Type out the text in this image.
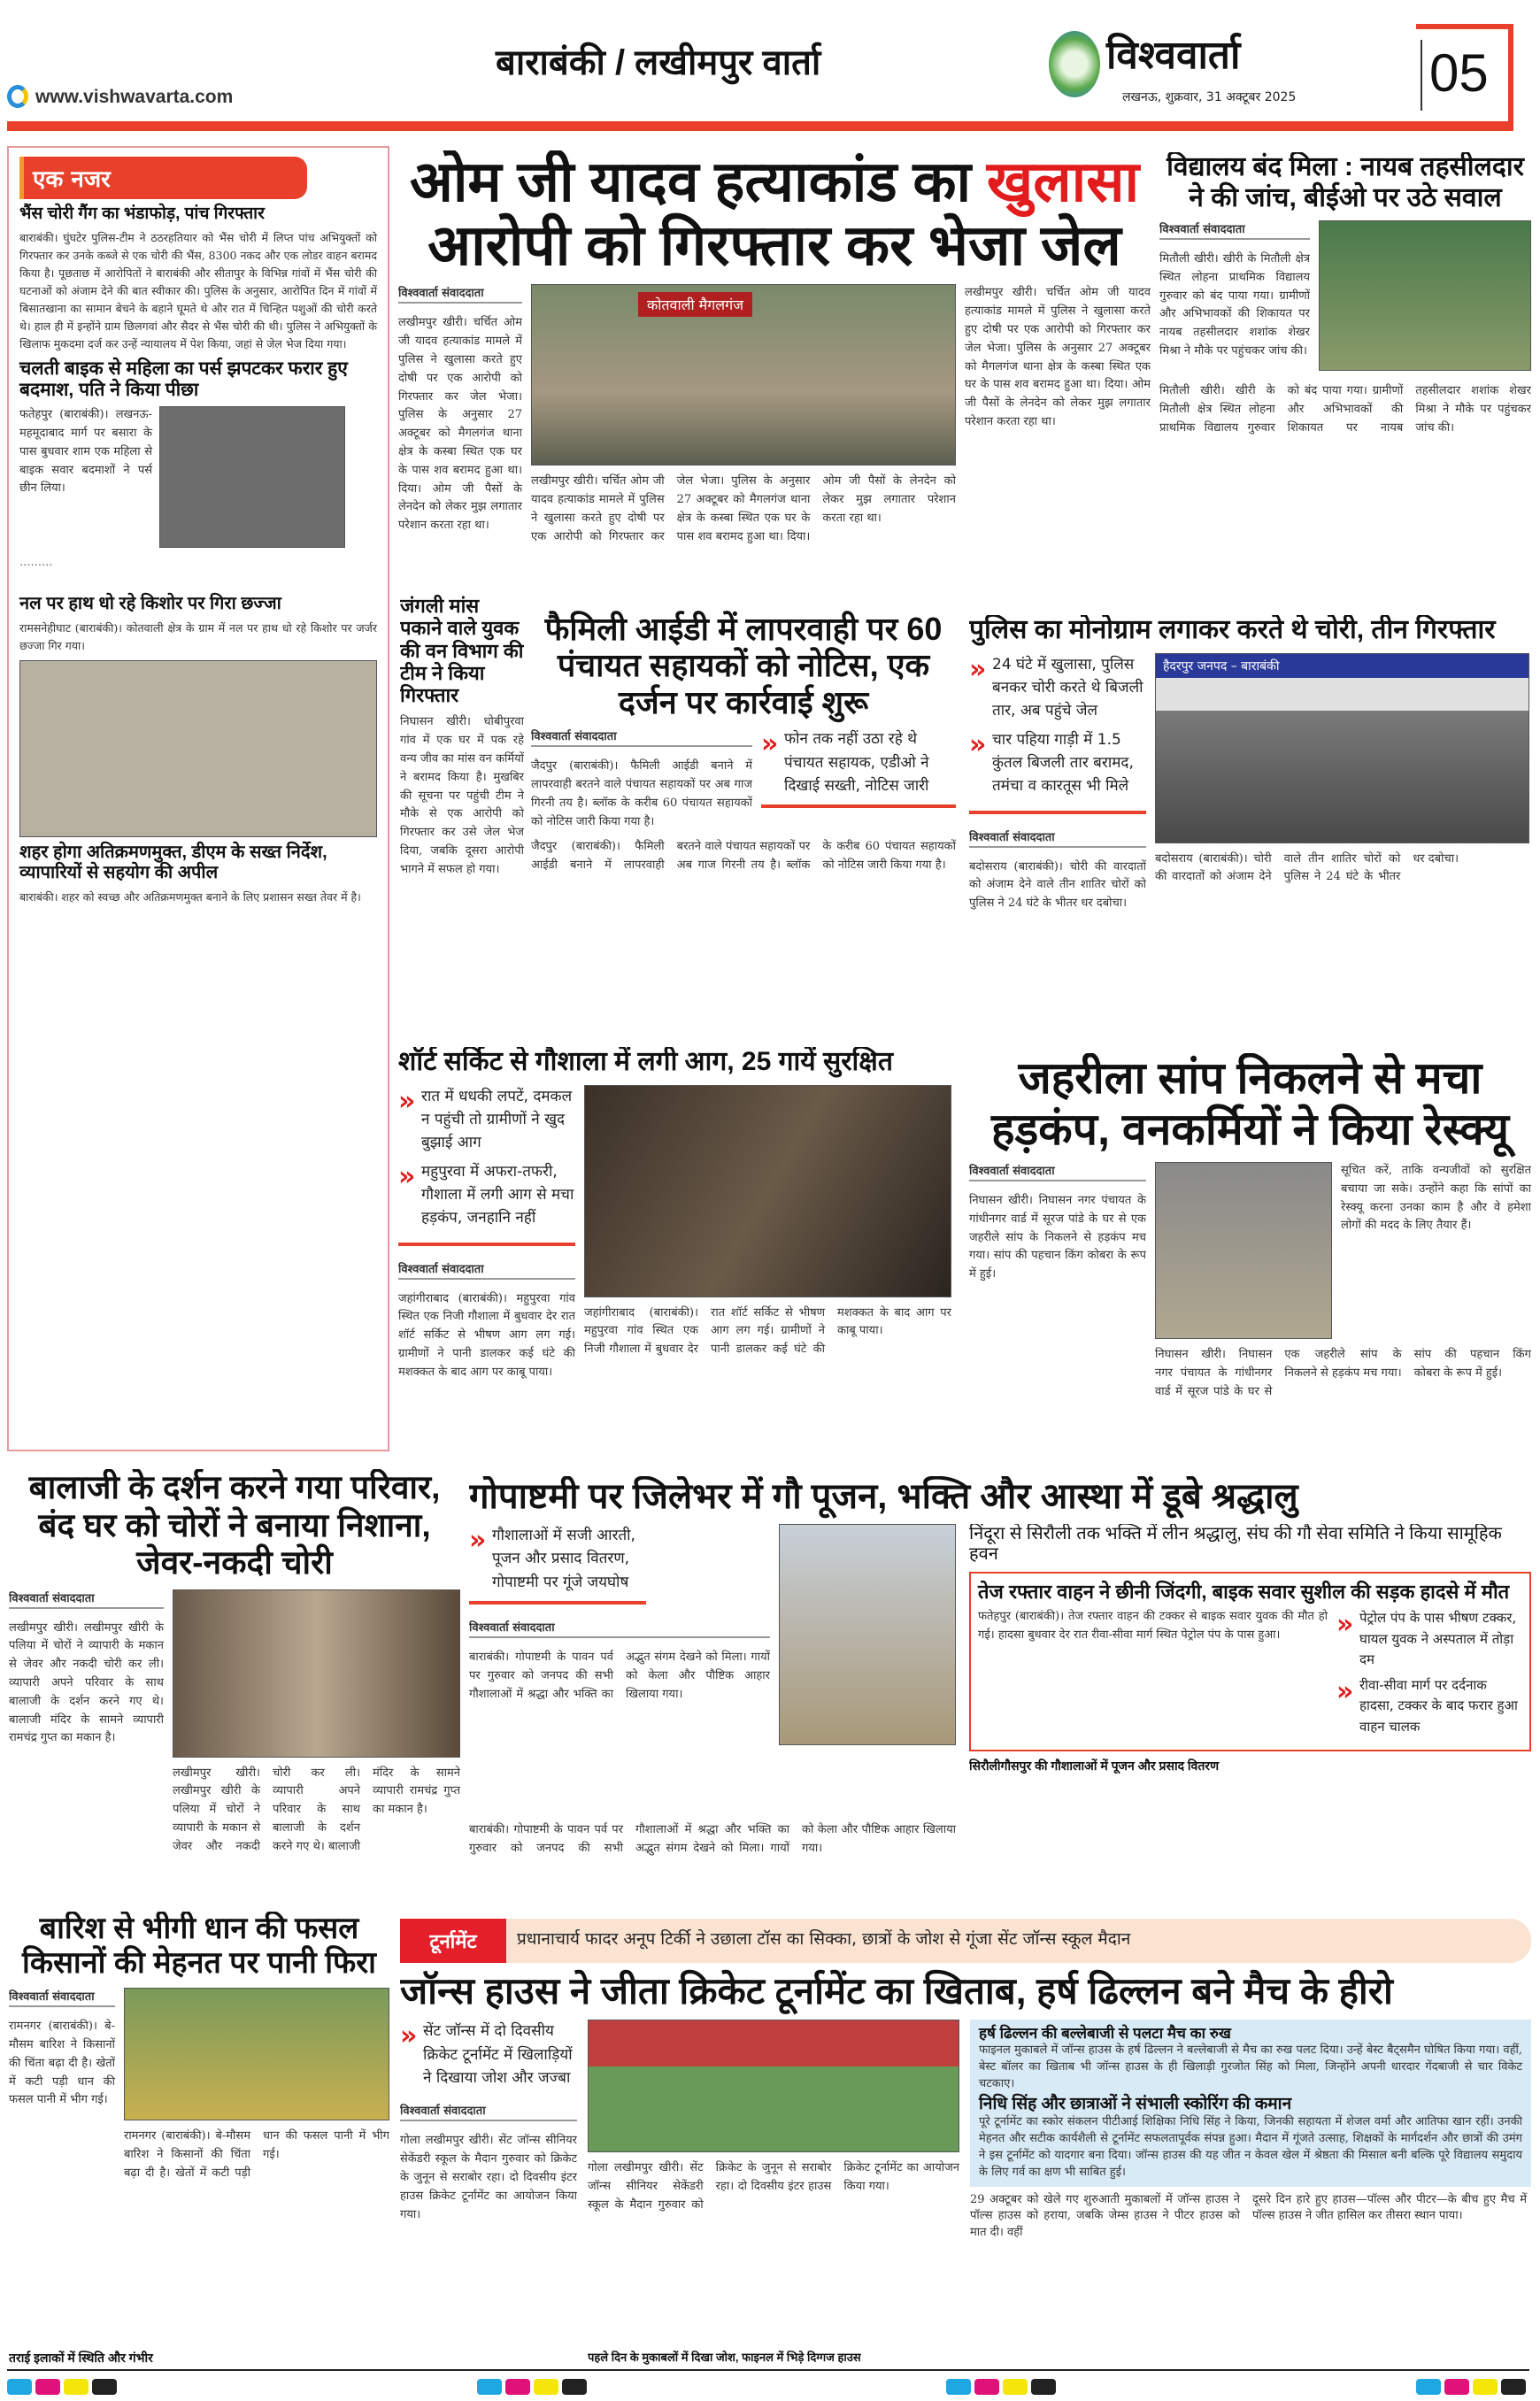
www.vishwavarta.com
बाराबंकी / लखीमपुर वार्ता	विश्ववार्ता
लखनऊ, शुक्रवार, 31 अक्टूबर 2025	05
एक नजर
भैंस चोरी गैंग का भंडाफोड़, पांच गिरफ्तार
बाराबंकी। घुंघटेर पुलिस-टीम ने ठठरहतियार को भैंस चोरी में लिप्त पांच अभियुक्तों को गिरफ्तार कर उनके कब्जे से एक चोरी की भैंस, 8300 नकद और एक लोडर वाहन बरामद किया है। पूछताछ में आरोपितों ने बाराबंकी और सीतापुर के विभिन्न गांवों में भैंस चोरी की घटनाओं को अंजाम देने की बात स्वीकार की। पुलिस के अनुसार, आरोपित दिन में गांवों में बिसातखाना का सामान बेचने के बहाने घूमते थे और रात में चिन्हित पशुओं की चोरी करते थे। हाल ही में इन्होंने ग्राम छिलगवां और सैदर से भैंस चोरी की थी। पुलिस ने अभियुक्तों के खिलाफ मुकदमा दर्ज कर उन्हें न्यायालय में पेश किया, जहां से जेल भेज दिया गया।
चलती बाइक से महिला का पर्स झपटकर फरार हुए बदमाश, पति ने किया पीछा
फतेहपुर (बाराबंकी)। लखनऊ-महमूदाबाद मार्ग पर बसारा के पास बुधवार शाम एक महिला से बाइक सवार बदमाशों ने पर्स छीन लिया।
………
नल पर हाथ धो रहे किशोर पर गिरा छज्जा
रामसनेहीघाट (बाराबंकी)। कोतवाली क्षेत्र के ग्राम में नल पर हाथ धो रहे किशोर पर जर्जर छज्जा गिर गया।
शहर होगा अतिक्रमणमुक्त, डीएम के सख्त निर्देश, व्यापारियों से सहयोग की अपील
बाराबंकी। शहर को स्वच्छ और अतिक्रमणमुक्त बनाने के लिए प्रशासन सख्त तेवर में है।
ओम जी यादव हत्याकांड का खुलासा
आरोपी को गिरफ्तार कर भेजा जेल
विश्ववार्ता संवाददाता
लखीमपुर खीरी। चर्चित ओम जी यादव हत्याकांड मामले में पुलिस ने खुलासा करते हुए दोषी पर एक आरोपी को गिरफ्तार कर जेल भेजा। पुलिस के अनुसार 27 अक्टूबर को मैगलगंज थाना क्षेत्र के कस्बा स्थित एक घर के पास शव बरामद हुआ था। दिया। ओम जी पैसों के लेनदेन को लेकर मुझ लगातार परेशान करता रहा था।
कोतवाली मैगलगंज
लखीमपुर खीरी। चर्चित ओम जी यादव हत्याकांड मामले में पुलिस ने खुलासा करते हुए दोषी पर एक आरोपी को गिरफ्तार कर जेल भेजा। पुलिस के अनुसार 27 अक्टूबर को मैगलगंज थाना क्षेत्र के कस्बा स्थित एक घर के पास शव बरामद हुआ था। दिया। ओम जी पैसों के लेनदेन को लेकर मुझ लगातार परेशान करता रहा था।
लखीमपुर खीरी। चर्चित ओम जी यादव हत्याकांड मामले में पुलिस ने खुलासा करते हुए दोषी पर एक आरोपी को गिरफ्तार कर जेल भेजा। पुलिस के अनुसार 27 अक्टूबर को मैगलगंज थाना क्षेत्र के कस्बा स्थित एक घर के पास शव बरामद हुआ था। दिया। ओम जी पैसों के लेनदेन को लेकर मुझ लगातार परेशान करता रहा था।
विद्यालय बंद मिला : नायब तहसीलदार ने की जांच, बीईओ पर उठे सवाल
विश्ववार्ता संवाददाता
मितौली खीरी। खीरी के मितौली क्षेत्र स्थित लोहना प्राथमिक विद्यालय गुरुवार को बंद पाया गया। ग्रामीणों और अभिभावकों की शिकायत पर नायब तहसीलदार शशांक शेखर मिश्रा ने मौके पर पहुंचकर जांच की।
मितौली खीरी। खीरी के मितौली क्षेत्र स्थित लोहना प्राथमिक विद्यालय गुरुवार को बंद पाया गया। ग्रामीणों और अभिभावकों की शिकायत पर नायब तहसीलदार शशांक शेखर मिश्रा ने मौके पर पहुंचकर जांच की।
जंगली मांस पकाने वाले युवक की वन विभाग की टीम ने किया गिरफ्तार
निघासन खीरी। धोबीपुरवा गांव में एक घर में पक रहे वन्य जीव का मांस वन कर्मियों ने बरामद किया है। मुखबिर की सूचना पर पहुंची टीम ने मौके से एक आरोपी को गिरफ्तार कर उसे जेल भेज दिया, जबकि दूसरा आरोपी भागने में सफल हो गया।
फैमिली आईडी में लापरवाही पर 60 पंचायत सहायकों को नोटिस, एक दर्जन पर कार्रवाई शुरू
विश्ववार्ता संवाददाता
जैदपुर (बाराबंकी)। फैमिली आईडी बनाने में लापरवाही बरतने वाले पंचायत सहायकों पर अब गाज गिरनी तय है। ब्लॉक के करीब 60 पंचायत सहायकों को नोटिस जारी किया गया है।
» फोन तक नहीं उठा रहे थे पंचायत सहायक, एडीओ ने दिखाई सख्ती, नोटिस जारी
जैदपुर (बाराबंकी)। फैमिली आईडी बनाने में लापरवाही बरतने वाले पंचायत सहायकों पर अब गाज गिरनी तय है। ब्लॉक के करीब 60 पंचायत सहायकों को नोटिस जारी किया गया है।
पुलिस का मोनोग्राम लगाकर करते थे चोरी, तीन गिरफ्तार
» 24 घंटे में खुलासा, पुलिस बनकर चोरी करते थे बिजली तार, अब पहुंचे जेल
» चार पहिया गाड़ी में 1.5 कुंतल बिजली तार बरामद, तमंचा व कारतूस भी मिले
विश्ववार्ता संवाददाता
बदोसराय (बाराबंकी)। चोरी की वारदातों को अंजाम देने वाले तीन शातिर चोरों को पुलिस ने 24 घंटे के भीतर धर दबोचा।
हैदरपुर जनपद – बाराबंकी
बदोसराय (बाराबंकी)। चोरी की वारदातों को अंजाम देने वाले तीन शातिर चोरों को पुलिस ने 24 घंटे के भीतर धर दबोचा।
शॉर्ट सर्किट से गौशाला में लगी आग, 25 गायें सुरक्षित
» रात में धधकी लपटें, दमकल न पहुंची तो ग्रामीणों ने खुद बुझाई आग
» महुपुरवा में अफरा-तफरी, गौशाला में लगी आग से मचा हड़कंप, जनहानि नहीं
विश्ववार्ता संवाददाता
जहांगीराबाद (बाराबंकी)। महुपुरवा गांव स्थित एक निजी गौशाला में बुधवार देर रात शॉर्ट सर्किट से भीषण आग लग गई। ग्रामीणों ने पानी डालकर कई घंटे की मशक्कत के बाद आग पर काबू पाया।
जहांगीराबाद (बाराबंकी)। महुपुरवा गांव स्थित एक निजी गौशाला में बुधवार देर रात शॉर्ट सर्किट से भीषण आग लग गई। ग्रामीणों ने पानी डालकर कई घंटे की मशक्कत के बाद आग पर काबू पाया।
जहरीला सांप निकलने से मचा हड़कंप, वनकर्मियों ने किया रेस्क्यू
विश्ववार्ता संवाददाता
निघासन खीरी। निघासन नगर पंचायत के गांधीनगर वार्ड में सूरज पांडे के घर से एक जहरीले सांप के निकलने से हड़कंप मच गया। सांप की पहचान किंग कोबरा के रूप में हुई।
सूचित करें, ताकि वन्यजीवों को सुरक्षित बचाया जा सके। उन्होंने कहा कि सांपों का रेस्क्यू करना उनका काम है और वे हमेशा लोगों की मदद के लिए तैयार हैं।
निघासन खीरी। निघासन नगर पंचायत के गांधीनगर वार्ड में सूरज पांडे के घर से एक जहरीले सांप के निकलने से हड़कंप मच गया। सांप की पहचान किंग कोबरा के रूप में हुई।
बालाजी के दर्शन करने गया परिवार, बंद घर को चोरों ने बनाया निशाना, जेवर-नकदी चोरी
विश्ववार्ता संवाददाता
लखीमपुर खीरी। लखीमपुर खीरी के पलिया में चोरों ने व्यापारी के मकान से जेवर और नकदी चोरी कर ली। व्यापारी अपने परिवार के साथ बालाजी के दर्शन करने गए थे। बालाजी मंदिर के सामने व्यापारी रामचंद्र गुप्त का मकान है।
लखीमपुर खीरी। लखीमपुर खीरी के पलिया में चोरों ने व्यापारी के मकान से जेवर और नकदी चोरी कर ली। व्यापारी अपने परिवार के साथ बालाजी के दर्शन करने गए थे। बालाजी मंदिर के सामने व्यापारी रामचंद्र गुप्त का मकान है।
गोपाष्टमी पर जिलेभर में गौ पूजन, भक्ति और आस्था में डूबे श्रद्धालु
» गौशालाओं में सजी आरती, पूजन और प्रसाद वितरण, गोपाष्टमी पर गूंजे जयघोष
विश्ववार्ता संवाददाता
बाराबंकी। गोपाष्टमी के पावन पर्व पर गुरुवार को जनपद की सभी गौशालाओं में श्रद्धा और भक्ति का अद्भुत संगम देखने को मिला। गायों को केला और पौष्टिक आहार खिलाया गया।
बाराबंकी। गोपाष्टमी के पावन पर्व पर गुरुवार को जनपद की सभी गौशालाओं में श्रद्धा और भक्ति का अद्भुत संगम देखने को मिला। गायों को केला और पौष्टिक आहार खिलाया गया।
निंदूरा से सिरौली तक भक्ति में लीन श्रद्धालु, संघ की गौ सेवा समिति ने किया सामूहिक हवन
तेज रफ्तार वाहन ने छीनी जिंदगी, बाइक सवार सुशील की सड़क हादसे में मौत
फतेहपुर (बाराबंकी)। तेज रफ्तार वाहन की टक्कर से बाइक सवार युवक की मौत हो गई। हादसा बुधवार देर रात रीवा-सीवा मार्ग स्थित पेट्रोल पंप के पास हुआ।
» पेट्रोल पंप के पास भीषण टक्कर, घायल युवक ने अस्पताल में तोड़ा दम
» रीवा-सीवा मार्ग पर दर्दनाक हादसा, टक्कर के बाद फरार हुआ वाहन चालक
सिरौलीगौसपुर की गौशालाओं में पूजन और प्रसाद वितरण
बारिश से भीगी धान की फसल किसानों की मेहनत पर पानी फिरा
विश्ववार्ता संवाददाता
रामनगर (बाराबंकी)। बे-मौसम बारिश ने किसानों की चिंता बढ़ा दी है। खेतों में कटी पड़ी धान की फसल पानी में भीग गई।
रामनगर (बाराबंकी)। बे-मौसम बारिश ने किसानों की चिंता बढ़ा दी है। खेतों में कटी पड़ी धान की फसल पानी में भीग गई।
तराई इलाकों में स्थिति और गंभीर
टूर्नामेंट	प्रधानाचार्य फादर अनूप टिर्की ने उछाला टॉस का सिक्का, छात्रों के जोश से गूंजा सेंट जॉन्स स्कूल मैदान
जॉन्स हाउस ने जीता क्रिकेट टूर्नामेंट का खिताब, हर्ष ढिल्लन बने मैच के हीरो
» सेंट जॉन्स में दो दिवसीय क्रिकेट टूर्नामेंट में खिलाड़ियों ने दिखाया जोश और जज्बा
विश्ववार्ता संवाददाता
गोला लखीमपुर खीरी। सेंट जॉन्स सीनियर सेकेंडरी स्कूल के मैदान गुरुवार को क्रिकेट के जुनून से सराबोर रहा। दो दिवसीय इंटर हाउस क्रिकेट टूर्नामेंट का आयोजन किया गया।
गोला लखीमपुर खीरी। सेंट जॉन्स सीनियर सेकेंडरी स्कूल के मैदान गुरुवार को क्रिकेट के जुनून से सराबोर रहा। दो दिवसीय इंटर हाउस क्रिकेट टूर्नामेंट का आयोजन किया गया।
पहले दिन के मुकाबलों में दिखा जोश, फाइनल में भिड़े दिग्गज हाउस
हर्ष ढिल्लन की बल्लेबाजी से पलटा मैच का रुख
फाइनल मुकाबले में जॉन्स हाउस के हर्ष ढिल्लन ने बल्लेबाजी से मैच का रुख पलट दिया। उन्हें बेस्ट बैट्समैन घोषित किया गया। वहीं, बेस्ट बॉलर का खिताब भी जॉन्स हाउस के ही खिलाड़ी गुरजोत सिंह को मिला, जिन्होंने अपनी धारदार गेंदबाजी से चार विकेट चटकाए।
निधि सिंह और छात्राओं ने संभाली स्कोरिंग की कमान
पूरे टूर्नामेंट का स्कोर संकलन पीटीआई शिक्षिका निधि सिंह ने किया, जिनकी सहायता में शेजल वर्मा और आतिफा खान रहीं। उनकी मेहनत और सटीक कार्यशैली से टूर्नामेंट सफलतापूर्वक संपन्न हुआ। मैदान में गूंजते उत्साह, शिक्षकों के मार्गदर्शन और छात्रों की उमंग ने इस टूर्नामेंट को यादगार बना दिया। जॉन्स हाउस की यह जीत न केवल खेल में श्रेष्ठता की मिसाल बनी बल्कि पूरे विद्यालय समुदाय के लिए गर्व का क्षण भी साबित हुई।
29 अक्टूबर को खेले गए शुरुआती मुकाबलों में जॉन्स हाउस ने पॉल्स हाउस को हराया, जबकि जेम्स हाउस ने पीटर हाउस को मात दी। वहीं
दूसरे दिन हारे हुए हाउस—पॉल्स और पीटर—के बीच हुए मैच में पॉल्स हाउस ने जीत हासिल कर तीसरा स्थान पाया।
